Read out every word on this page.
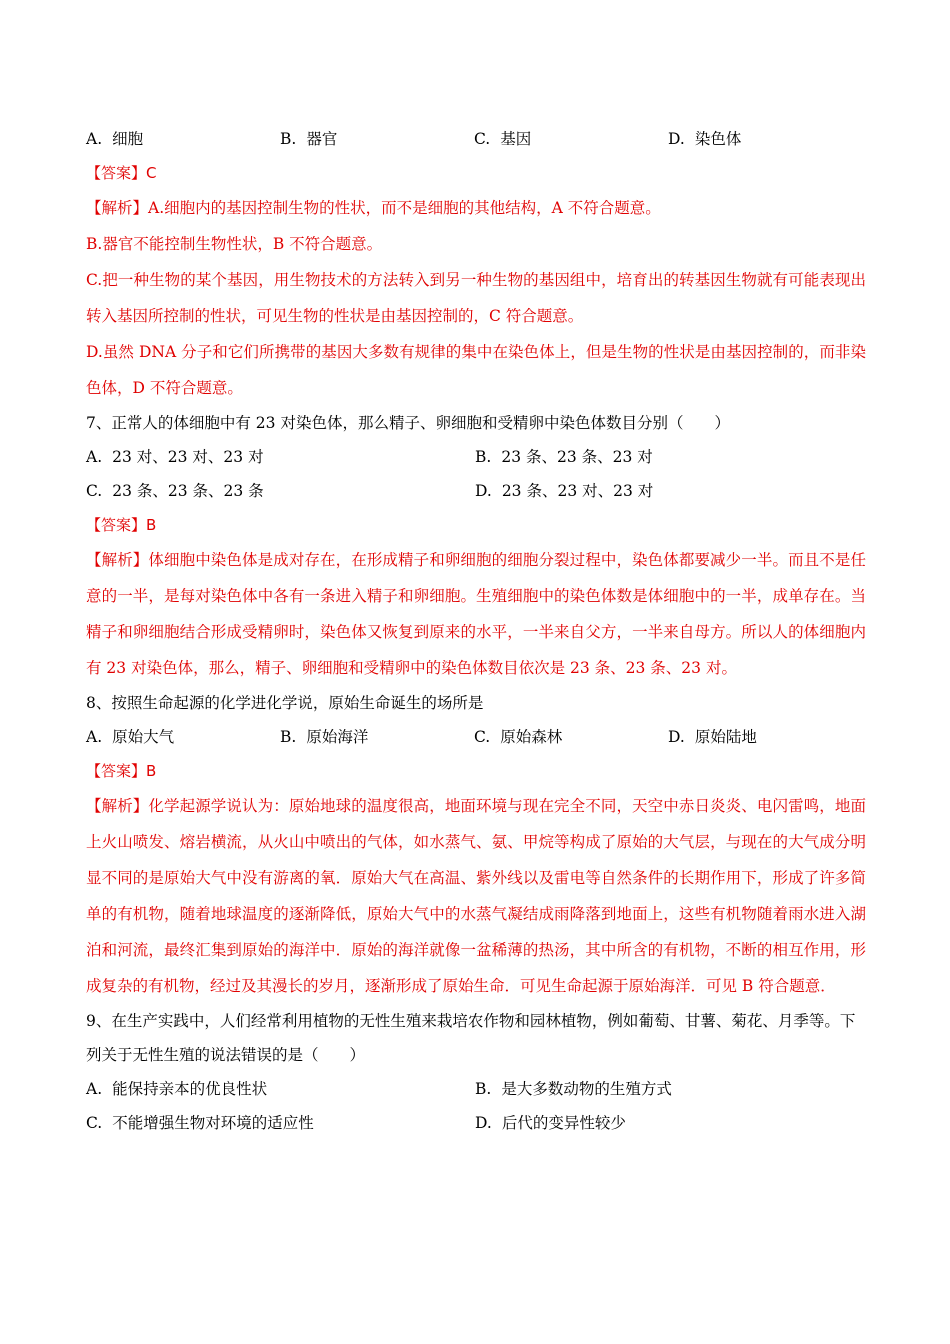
A. 细胞	B. 器官	C. 基因	D. 染色体
【答案】C
【解析】A.细胞内的基因控制生物的性状，而不是细胞的其他结构，A 不符合题意。
B.器官不能控制生物性状，B 不符合题意。
C.把一种生物的某个基因，用生物技术的方法转入到另一种生物的基因组中，培育出的转基因生物就有可能表现出转入基因所控制的性状，可见生物的性状是由基因控制的，C 符合题意。
D.虽然 DNA 分子和它们所携带的基因大多数有规律的集中在染色体上，但是生物的性状是由基因控制的，而非染色体，D 不符合题意。
7、正常人的体细胞中有 23 对染色体，那么精子、卵细胞和受精卵中染色体数目分别（　　）
A. 23 对、23 对、23 对	B. 23 条、23 条、23 对
C. 23 条、23 条、23 条	D. 23 条、23 对、23 对
【答案】B
【解析】体细胞中染色体是成对存在，在形成精子和卵细胞的细胞分裂过程中，染色体都要减少一半。而且不是任意的一半，是每对染色体中各有一条进入精子和卵细胞。生殖细胞中的染色体数是体细胞中的一半，成单存在。当精子和卵细胞结合形成受精卵时，染色体又恢复到原来的水平，一半来自父方，一半来自母方。所以人的体细胞内有 23 对染色体，那么，精子、卵细胞和受精卵中的染色体数目依次是 23 条、23 条、23 对。
8、按照生命起源的化学进化学说，原始生命诞生的场所是
A. 原始大气	B. 原始海洋	C. 原始森林	D. 原始陆地
【答案】B
【解析】化学起源学说认为：原始地球的温度很高，地面环境与现在完全不同，天空中赤日炎炎、电闪雷鸣，地面上火山喷发、熔岩横流，从火山中喷出的气体，如水蒸气、氨、甲烷等构成了原始的大气层，与现在的大气成分明显不同的是原始大气中没有游离的氧．原始大气在高温、紫外线以及雷电等自然条件的长期作用下，形成了许多简单的有机物，随着地球温度的逐渐降低，原始大气中的水蒸气凝结成雨降落到地面上，这些有机物随着雨水进入湖泊和河流，最终汇集到原始的海洋中．原始的海洋就像一盆稀薄的热汤，其中所含的有机物，不断的相互作用，形成复杂的有机物，经过及其漫长的岁月，逐渐形成了原始生命．可见生命起源于原始海洋．可见 B 符合题意．
9、在生产实践中，人们经常利用植物的无性生殖来栽培农作物和园林植物，例如葡萄、甘薯、菊花、月季等。下列关于无性生殖的说法错误的是（　　）
A. 能保持亲本的优良性状	B. 是大多数动物的生殖方式
C. 不能增强生物对环境的适应性	D. 后代的变异性较少
